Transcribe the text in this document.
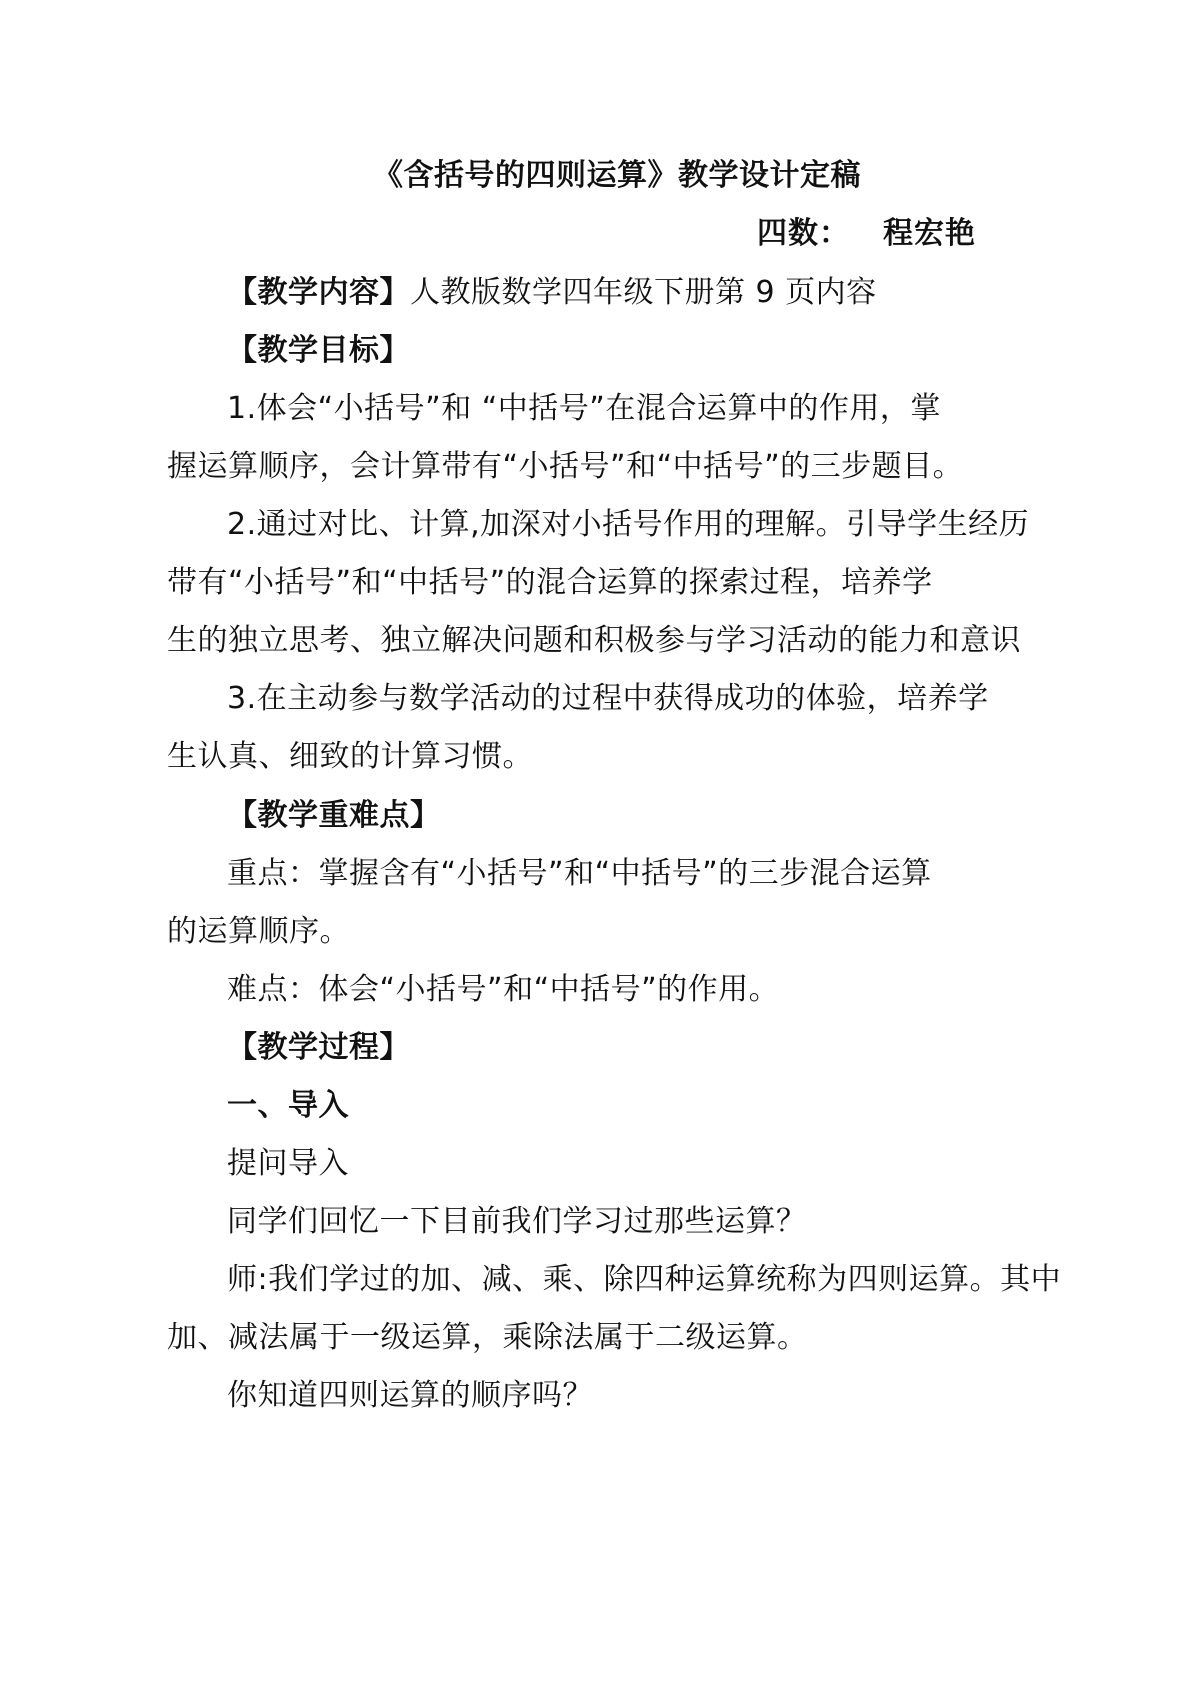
《含括号的四则运算》教学设计定稿
四数： 程宏艳
【教学内容】人教版数学四年级下册第 9 页内容
【教学目标】
1.体会“小括号”和 “中括号”在混合运算中的作用，掌
握运算顺序，会计算带有“小括号”和“中括号”的三步题目。
2.通过对比、计算,加深对小括号作用的理解。引导学生经历
带有“小括号”和“中括号”的混合运算的探索过程，培养学
生的独立思考、独立解决问题和积极参与学习活动的能力和意识
3.在主动参与数学活动的过程中获得成功的体验，培养学
生认真、细致的计算习惯。
【教学重难点】
重点：掌握含有“小括号”和“中括号”的三步混合运算
的运算顺序。
难点：体会“小括号”和“中括号”的作用。
【教学过程】
一、导入
提问导入
同学们回忆一下目前我们学习过那些运算？
师:我们学过的加、减、乘、除四种运算统称为四则运算。其中
加、减法属于一级运算，乘除法属于二级运算。
你知道四则运算的顺序吗？
